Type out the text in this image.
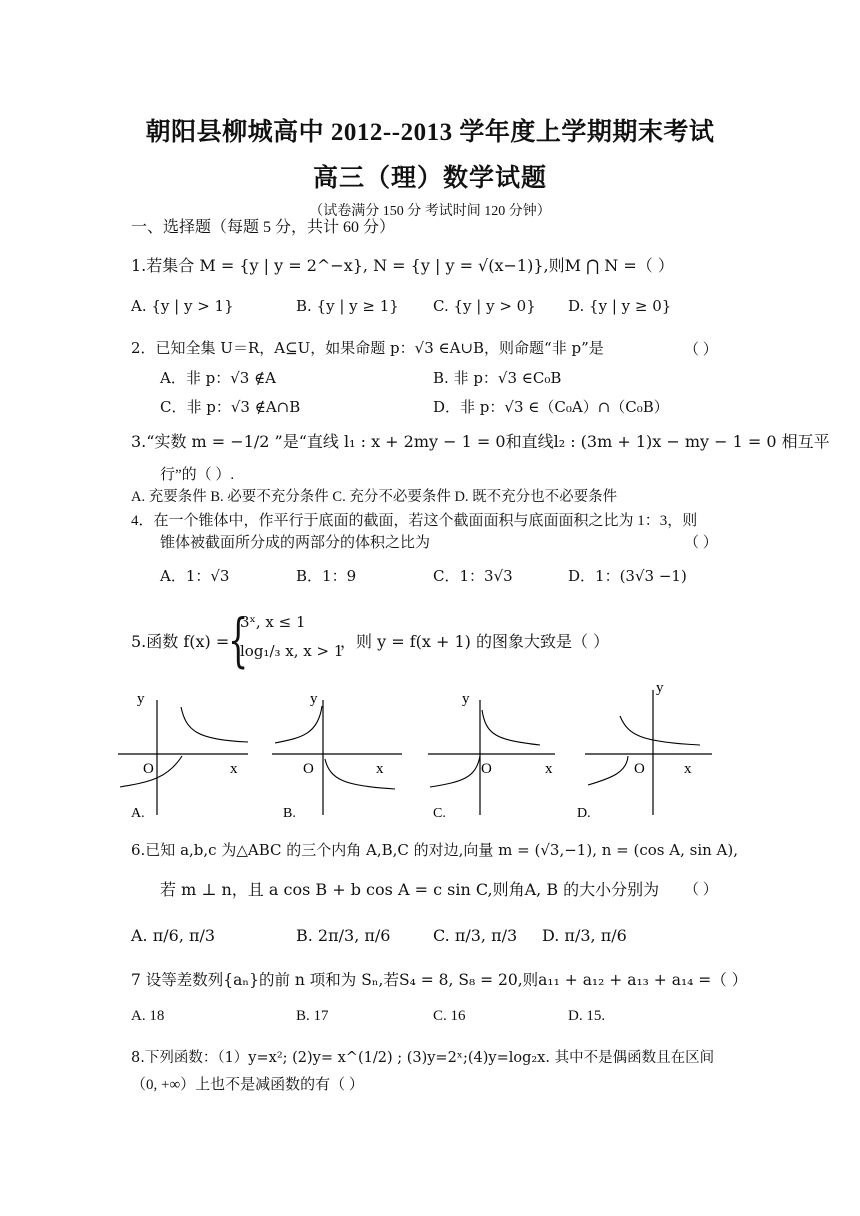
朝阳县柳城高中 2012--2013 学年度上学期期末考试
高三（理）数学试题
（试卷满分 150 分 考试时间 120 分钟）
一、选择题（每题 5 分，共计 60 分）
1.若集合 M = {y | y = 2^−x}, N = {y | y = √(x−1)},则M ⋂ N =（ ）
A. {y | y > 1}	B. {y | y ≥ 1} C. {y | y > 0} D. {y | y ≥ 0}
2．已知全集 U＝R，A⊆U，如果命题 p：√3 ∈A∪B，则命题“非 p”是	（ ）
A．非 p：√3 ∉A	B. 非 p：√3 ∈C₀B
C．非 p：√3 ∉A∩B	D．非 p：√3 ∈（C₀A）∩（C₀B）
3.“实数 m = −1/2 ”是“直线 l₁ : x + 2my − 1 = 0和直线l₂ : (3m + 1)x − my − 1 = 0 相互平
行”的（ ）.
A. 充要条件 B. 必要不充分条件 C. 充分不必要条件 D. 既不充分也不必要条件
4．在一个锥体中，作平行于底面的截面，若这个截面面积与底面面积之比为 1：3，则
锥体被截面所分成的两部分的体积之比为	（ ）
A．1：√3	B．1：9	C．1：3√3	D．1：(3√3 −1)
5.函数 f(x) =
{
3ˣ, x ≤ 1
log₁/₃ x, x > 1
，则 y = f(x + 1) 的图象大致是（ ）
y
O	x
A.
y
O	x
B.
y
O	x
C.
y
O	x
D.
6.已知 a,b,c 为△ABC 的三个内角 A,B,C 的对边,向量 m = (√3,−1), n = (cos A, sin A),
若 m ⊥ n，且 a cos B + b cos A = c sin C,则角A, B 的大小分别为 （ ）
A. π/6, π/3	B. 2π/3, π/6	C. π/3, π/3 D. π/3, π/6
7 设等差数列{aₙ}的前 n 项和为 Sₙ,若S₄ = 8, S₈ = 20,则a₁₁ + a₁₂ + a₁₃ + a₁₄ =（ ）
A. 18	B. 17	C. 16	D. 15.
8.下列函数：（1）y=x²; (2)y= x^(1/2) ; (3)y=2ˣ;(4)y=log₂x. 其中不是偶函数且在区间
（0, +∞）上也不是减函数的有（ ）
